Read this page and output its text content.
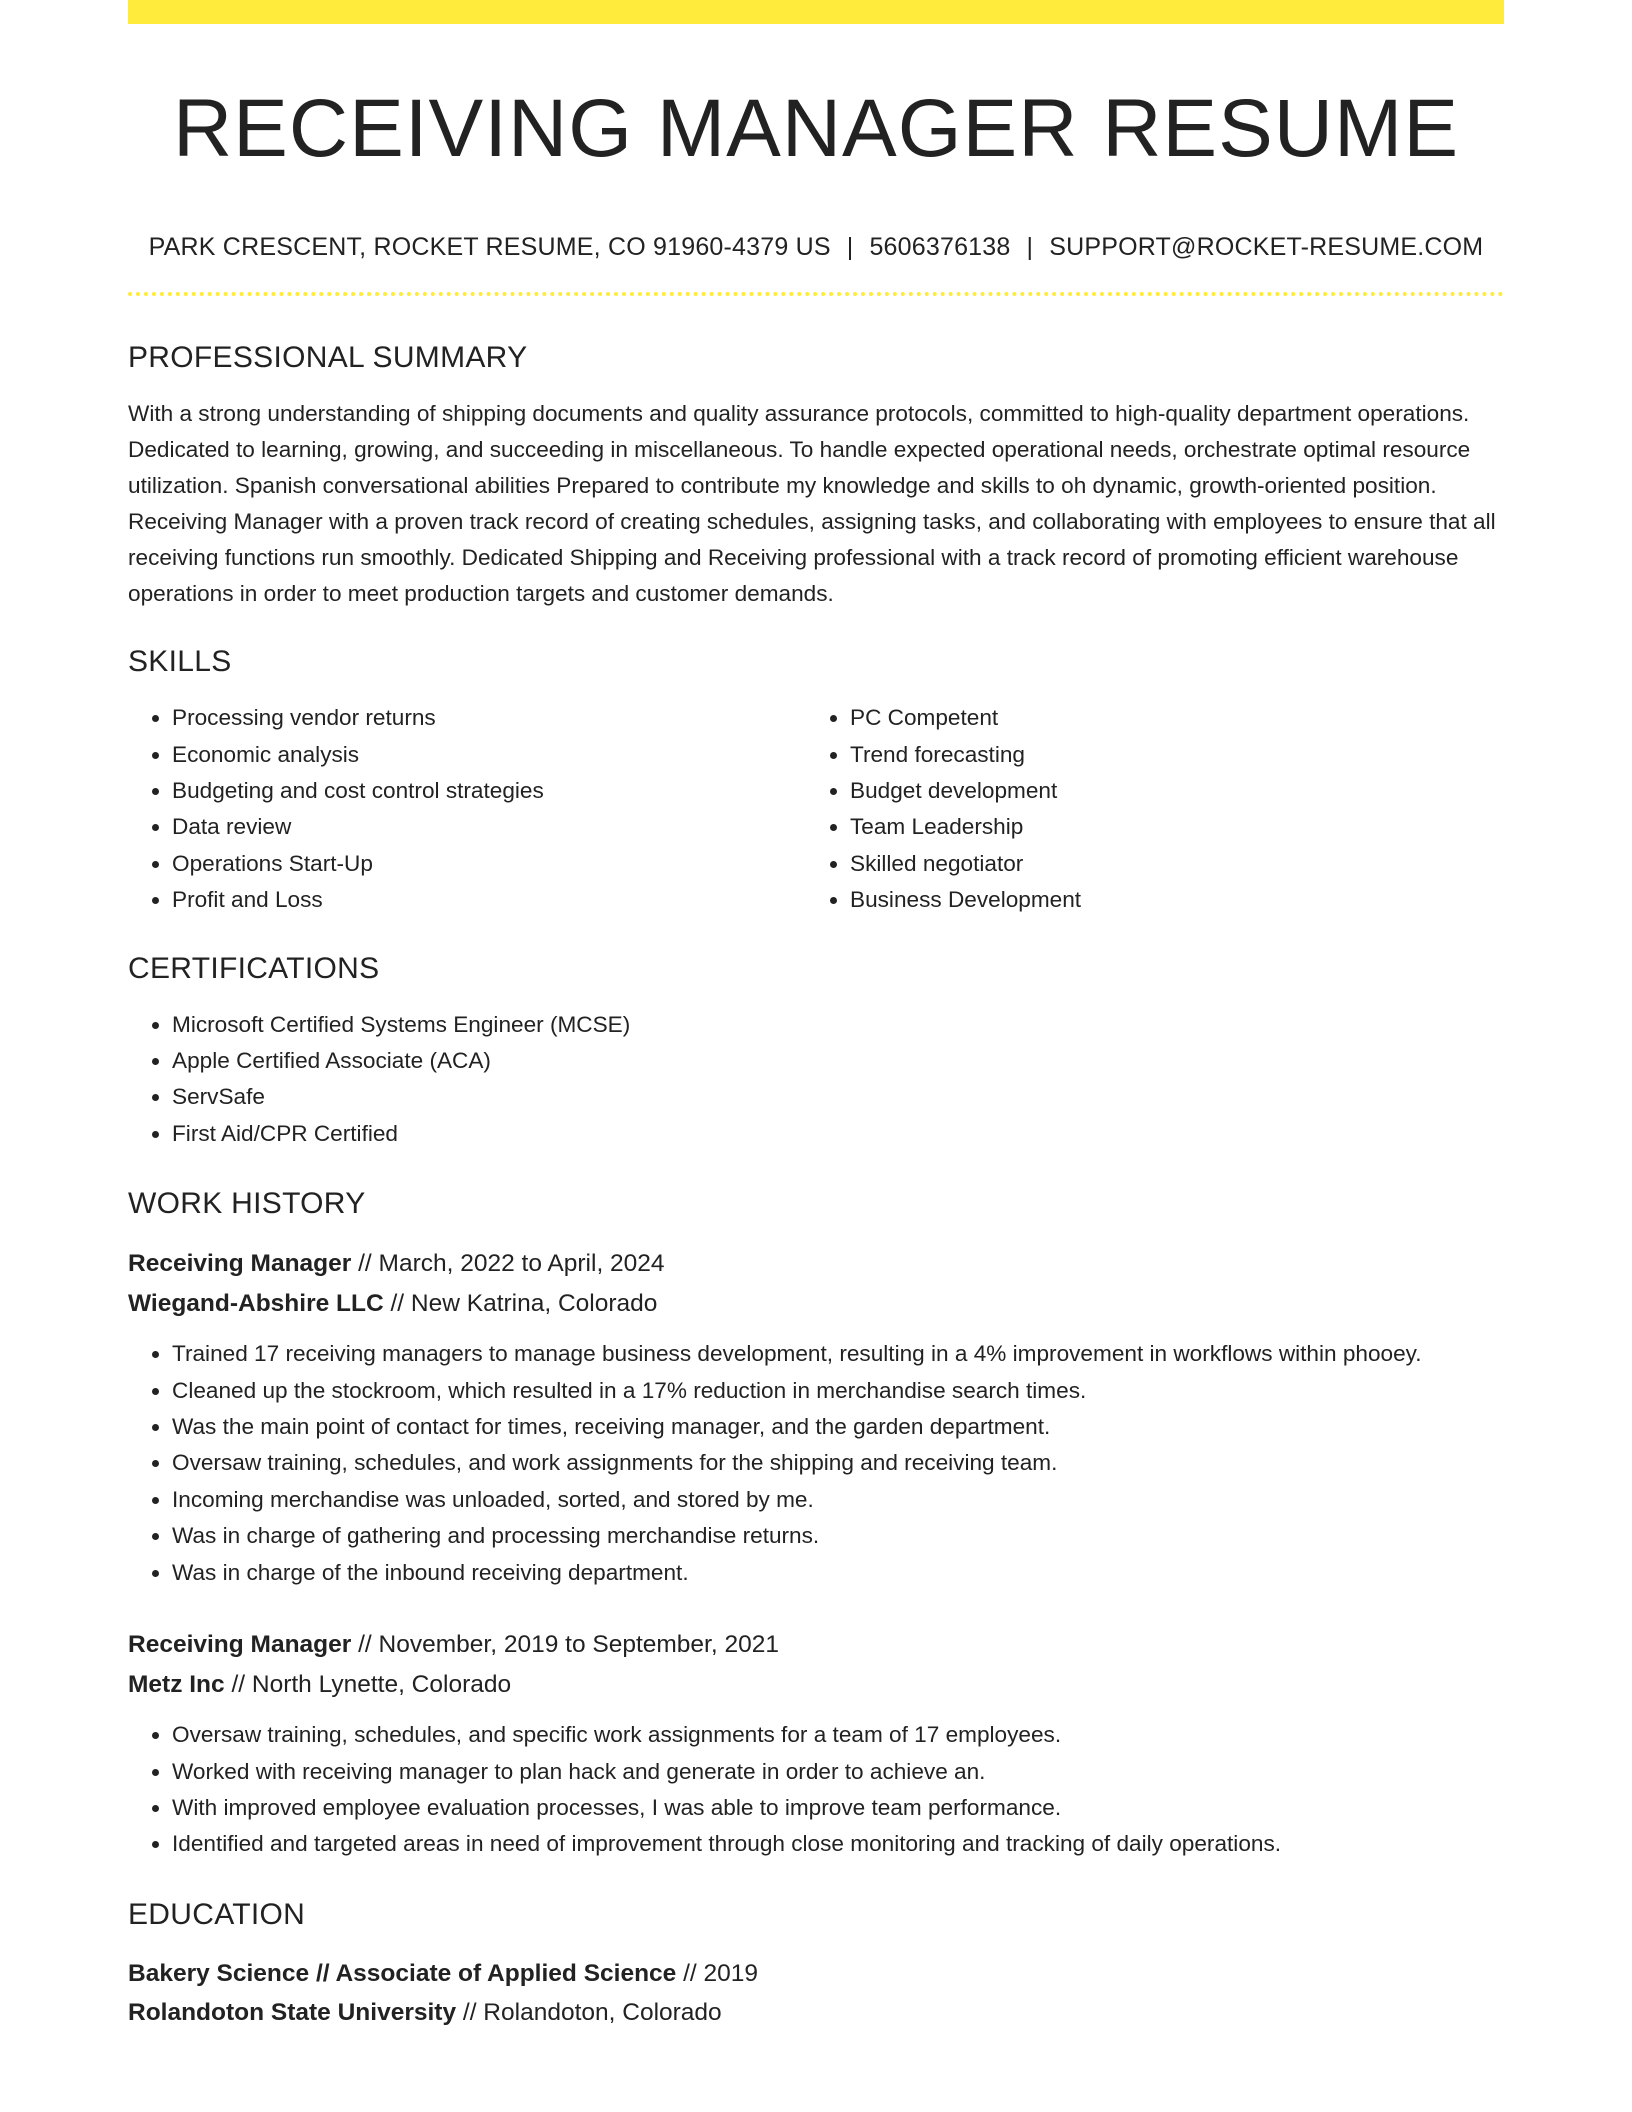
RECEIVING MANAGER RESUME
PARK CRESCENT, ROCKET RESUME, CO 91960-4379 US | 5606376138 | SUPPORT@ROCKET-RESUME.COM
PROFESSIONAL SUMMARY

With a strong understanding of shipping documents and quality assurance protocols, committed to high-quality department operations. Dedicated to learning, growing, and succeeding in miscellaneous. To handle expected operational needs, orchestrate optimal resource utilization. Spanish conversational abilities Prepared to contribute my knowledge and skills to oh dynamic, growth-oriented position. Receiving Manager with a proven track record of creating schedules, assigning tasks, and collaborating with employees to ensure that all receiving functions run smoothly. Dedicated Shipping and Receiving professional with a track record of promoting efficient warehouse operations in order to meet production targets and customer demands.

SKILLS
• Processing vendor returns
• Economic analysis
• Budgeting and cost control strategies
• Data review
• Operations Start-Up
• Profit and Loss
• PC Competent
• Trend forecasting
• Budget development
• Team Leadership
• Skilled negotiator
• Business Development
CERTIFICATIONS
• Microsoft Certified Systems Engineer (MCSE)
• Apple Certified Associate (ACA)
• ServSafe
• First Aid/CPR Certified
WORK HISTORY
Receiving Manager // March, 2022 to April, 2024
Wiegand-Abshire LLC // New Katrina, Colorado
• Trained 17 receiving managers to manage business development, resulting in a 4% improvement in workflows within phooey.
• Cleaned up the stockroom, which resulted in a 17% reduction in merchandise search times.
• Was the main point of contact for times, receiving manager, and the garden department.
• Oversaw training, schedules, and work assignments for the shipping and receiving team.
• Incoming merchandise was unloaded, sorted, and stored by me.
• Was in charge of gathering and processing merchandise returns.
• Was in charge of the inbound receiving department.
Receiving Manager // November, 2019 to September, 2021
Metz Inc // North Lynette, Colorado
• Oversaw training, schedules, and specific work assignments for a team of 17 employees.
• Worked with receiving manager to plan hack and generate in order to achieve an.
• With improved employee evaluation processes, I was able to improve team performance.
• Identified and targeted areas in need of improvement through close monitoring and tracking of daily operations.
EDUCATION
Bakery Science // Associate of Applied Science // 2019
Rolandoton State University // Rolandoton, Colorado
